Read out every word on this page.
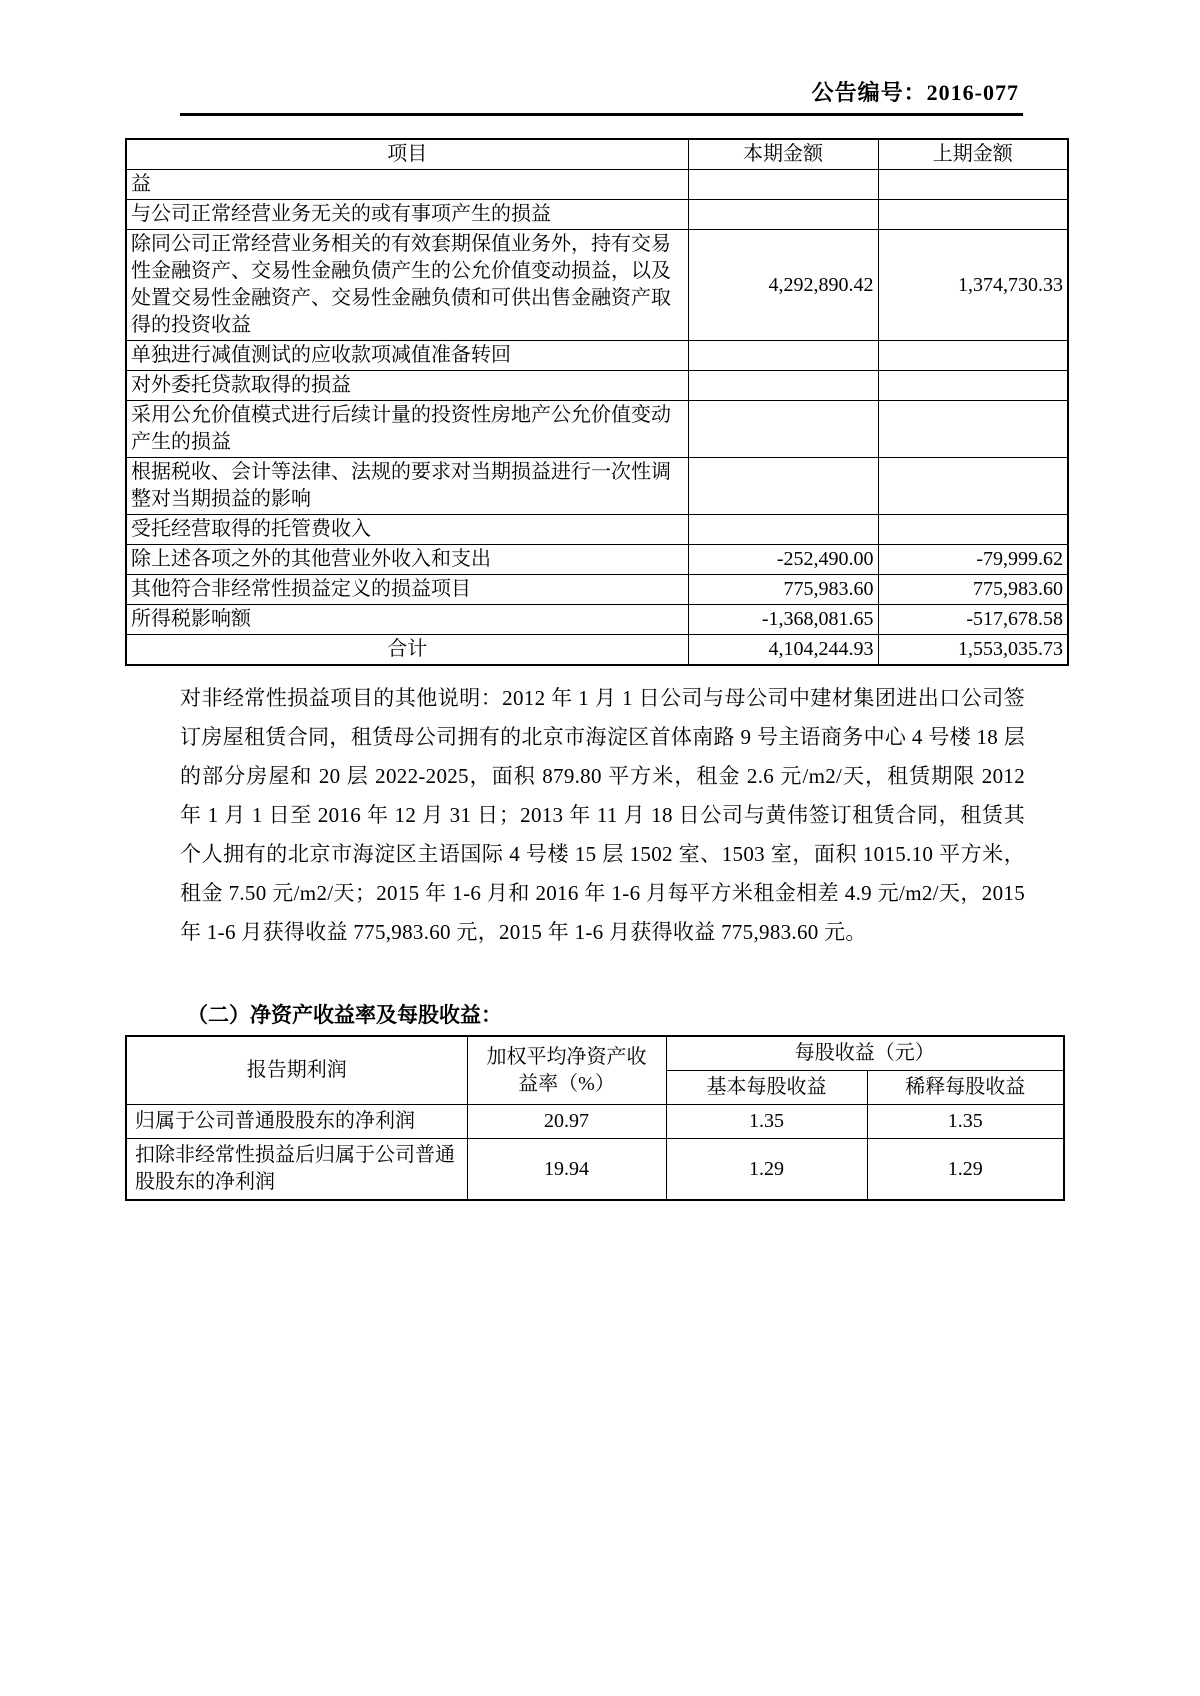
公告编号：2016-077
项目	本期金额	上期金额
益		
与公司正常经营业务无关的或有事项产生的损益		
除同公司正常经营业务相关的有效套期保值业务外，持有交易性金融资产、交易性金融负债产生的公允价值变动损益，以及处置交易性金融资产、交易性金融负债和可供出售金融资产取得的投资收益	4,292,890.42	1,374,730.33
单独进行减值测试的应收款项减值准备转回		
对外委托贷款取得的损益		
采用公允价值模式进行后续计量的投资性房地产公允价值变动产生的损益		
根据税收、会计等法律、法规的要求对当期损益进行一次性调整对当期损益的影响		
受托经营取得的托管费收入		
除上述各项之外的其他营业外收入和支出	-252,490.00	-79,999.62
其他符合非经常性损益定义的损益项目	775,983.60	775,983.60
所得税影响额	-1,368,081.65	-517,678.58
合计	4,104,244.93	1,553,035.73

对非经常性损益项目的其他说明：2012 年 1 月 1 日公司与母公司中建材集团进出口公司签订房屋租赁合同，租赁母公司拥有的北京市海淀区首体南路 9 号主语商务中心 4 号楼 18 层的部分房屋和 20 层 2022-2025，面积 879.80 平方米，租金 2.6 元/m2/天，租赁期限 2012 年 1 月 1 日至 2016 年 12 月 31 日；2013 年 11 月 18 日公司与黄伟签订租赁合同，租赁其个人拥有的北京市海淀区主语国际 4 号楼 15 层 1502 室、1503 室，面积 1015.10 平方米，租金 7.50 元/m2/天；2015 年 1-6 月和 2016 年 1-6 月每平方米租金相差 4.9 元/m2/天，2015 年 1-6 月获得收益 775,983.60 元，2015 年 1-6 月获得收益 775,983.60 元。

（二）净资产收益率及每股收益：
报告期利润	加权平均净资产收益率（%）	每股收益（元）	
		基本每股收益	稀释每股收益
归属于公司普通股股东的净利润	20.97	1.35	1.35
扣除非经常性损益后归属于公司普通股股东的净利润	19.94	1.29	1.29
